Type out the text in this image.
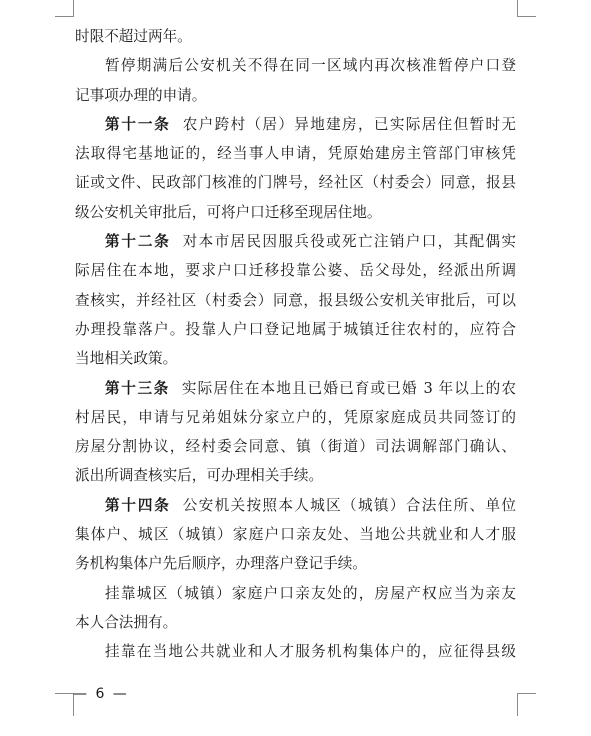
时限不超过两年。
暂停期满后公安机关不得在同一区域内再次核准暂停户口登
记事项办理的申请。
第十一条 农户跨村（居）异地建房，已实际居住但暂时无
法取得宅基地证的，经当事人申请，凭原始建房主管部门审核凭
证或文件、民政部门核准的门牌号，经社区（村委会）同意，报县
级公安机关审批后，可将户口迁移至现居住地。
第十二条 对本市居民因服兵役或死亡注销户口，其配偶实
际居住在本地，要求户口迁移投靠公婆、岳父母处，经派出所调
查核实，并经社区（村委会）同意，报县级公安机关审批后，可以
办理投靠落户。投靠人户口登记地属于城镇迁往农村的，应符合
当地相关政策。
第十三条 实际居住在本地且已婚已育或已婚 3 年以上的农
村居民，申请与兄弟姐妹分家立户的，凭原家庭成员共同签订的
房屋分割协议，经村委会同意、镇（街道）司法调解部门确认、
派出所调查核实后，可办理相关手续。
第十四条 公安机关按照本人城区（城镇）合法住所、单位
集体户、城区（城镇）家庭户口亲友处、当地公共就业和人才服
务机构集体户先后顺序，办理落户登记手续。
挂靠城区（城镇）家庭户口亲友处的，房屋产权应当为亲友
本人合法拥有。
挂靠在当地公共就业和人才服务机构集体户的，应征得县级
— 6 —
